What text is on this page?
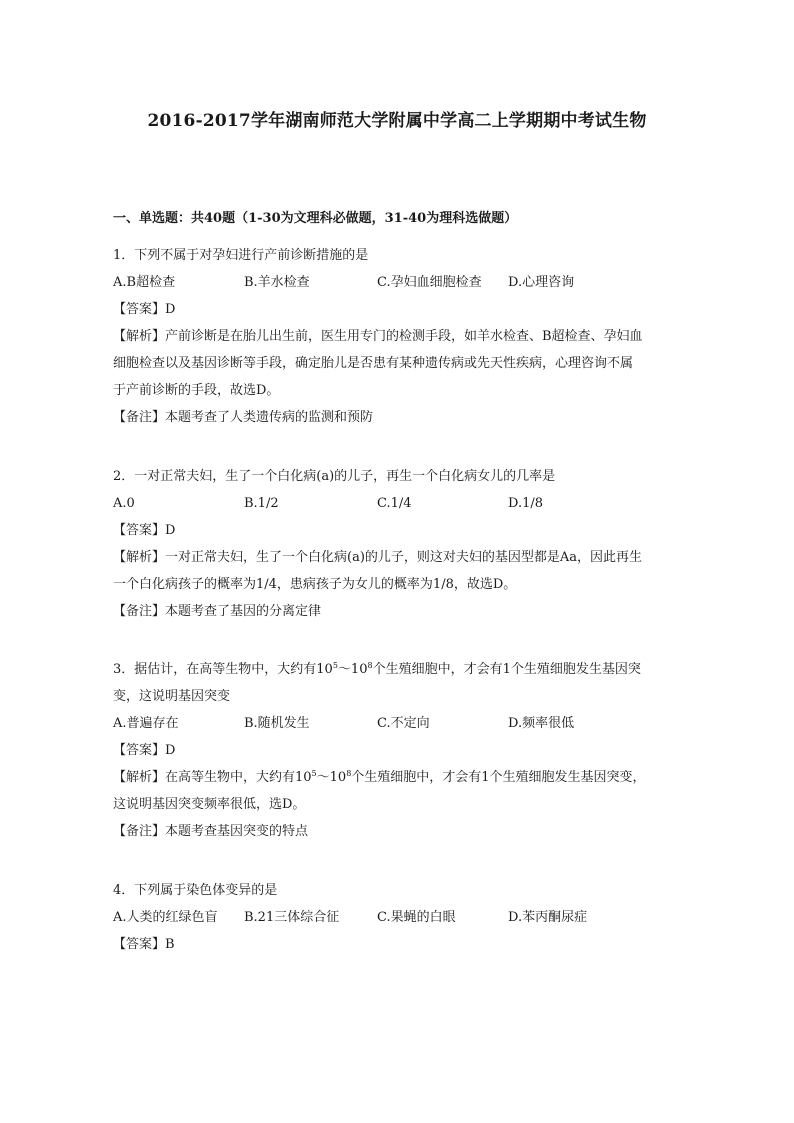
2016-2017学年湖南师范大学附属中学高二上学期期中考试生物
一、单选题：共40题（1-30为文理科必做题，31-40为理科选做题）
1．下列不属于对孕妇进行产前诊断措施的是
A.B超检查	B.羊水检查	C.孕妇血细胞检查 D.心理咨询
【答案】D
【解析】产前诊断是在胎儿出生前，医生用专门的检测手段，如羊水检查、B超检查、孕妇血
细胞检查以及基因诊断等手段，确定胎儿是否患有某种遗传病或先天性疾病，心理咨询不属
于产前诊断的手段，故选D。
【备注】本题考查了人类遗传病的监测和预防
2．一对正常夫妇，生了一个白化病(a)的儿子，再生一个白化病女儿的几率是
A.0	B.1/2	C.1/4	D.1/8
【答案】D
【解析】一对正常夫妇，生了一个白化病(a)的儿子，则这对夫妇的基因型都是Aa，因此再生
一个白化病孩子的概率为1/4，患病孩子为女儿的概率为1/8，故选D。
【备注】本题考查了基因的分离定律
3．据估计，在高等生物中，大约有$10^5\sim 10^8$个生殖细胞中，才会有1个生殖细胞发生基因突
变，这说明基因突变
A.普遍存在	B.随机发生	C.不定向	D.频率很低
【答案】D
【解析】在高等生物中，大约有$10^5\sim 10^8$个生殖细胞中，才会有1个生殖细胞发生基因突变，
这说明基因突变频率很低，选D。
【备注】本题考查基因突变的特点
4．下列属于染色体变异的是
A.人类的红绿色盲 B.21三体综合征	C.果蝇的白眼	D.苯丙酮尿症
【答案】B
